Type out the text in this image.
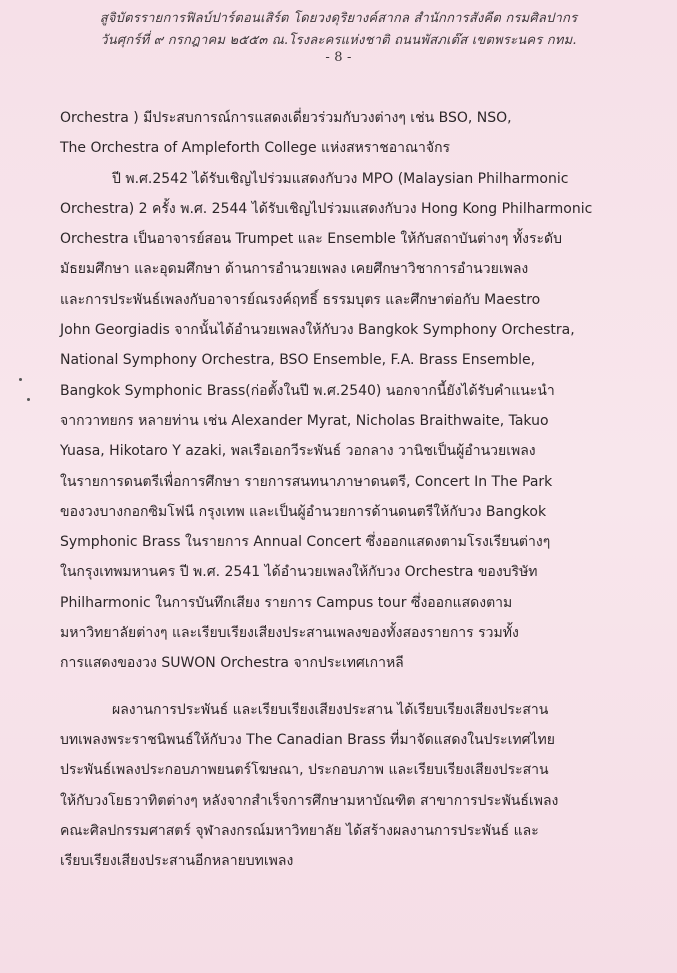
สูจิบัตรรายการฟิลบ์ปาร์ตอนเสิร์ต โดยวงดุริยางค์สากล สำนักการสังคีต กรมศิลปากร
วันศุกร์ที่ ๙ กรกฎาคม ๒๕๕๓ ณ.โรงละครแห่งชาติ ถนนพัสภเต๊ส เขตพระนคร กทม.
- 8 -
Orchestra ) มีประสบการณ์การแสดงเดี่ยวร่วมกับวงต่างๆ เช่น BSO, NSO,
The Orchestra of Ampleforth College แห่งสหราชอาณาจักร
ปี พ.ศ.2542 ได้รับเชิญไปร่วมแสดงกับวง MPO (Malaysian Philharmonic
Orchestra) 2 ครั้ง พ.ศ. 2544 ได้รับเชิญไปร่วมแสดงกับวง Hong Kong Philharmonic
Orchestra เป็นอาจารย์สอน Trumpet และ Ensemble ให้กับสถาบันต่างๆ ทั้งระดับ
มัธยมศึกษา และอุดมศึกษา ด้านการอำนวยเพลง เคยศึกษาวิชาการอำนวยเพลง
และการประพันธ์เพลงกับอาจารย์ณรงค์ฤทธิ์ ธรรมบุตร และศึกษาต่อกับ Maestro
John Georgiadis จากนั้นได้อำนวยเพลงให้กับวง Bangkok Symphony Orchestra,
National Symphony Orchestra, BSO Ensemble, F.A. Brass Ensemble,
Bangkok Symphonic Brass(ก่อตั้งในปี พ.ศ.2540) นอกจากนี้ยังได้รับคำแนะนำ
จากวาทยกร หลายท่าน เช่น Alexander Myrat, Nicholas Braithwaite, Takuo
Yuasa, Hikotaro Y azaki, พลเรือเอกวีระพันธ์ วอกลาง วานิชเป็นผู้อำนวยเพลง
ในรายการดนตรีเพื่อการศึกษา รายการสนทนาภาษาดนตรี, Concert In The Park
ของวงบางกอกซิมโฟนี กรุงเทพ และเป็นผู้อำนวยการด้านดนตรีให้กับวง Bangkok
Symphonic Brass ในรายการ Annual Concert ซึ่งออกแสดงตามโรงเรียนต่างๆ
ในกรุงเทพมหานคร ปี พ.ศ. 2541 ได้อำนวยเพลงให้กับวง Orchestra ของบริษัท
Philharmonic ในการบันทึกเสียง รายการ Campus tour ซึ่งออกแสดงตาม
มหาวิทยาลัยต่างๆ และเรียบเรียงเสียงประสานเพลงของทั้งสองรายการ รวมทั้ง
การแสดงของวง SUWON Orchestra จากประเทศเกาหลี
ผลงานการประพันธ์ และเรียบเรียงเสียงประสาน ได้เรียบเรียงเสียงประสาน
บทเพลงพระราชนิพนธ์ให้กับวง The Canadian Brass ที่มาจัดแสดงในประเทศไทย
ประพันธ์เพลงประกอบภาพยนตร์โฆษณา, ประกอบภาพ และเรียบเรียงเสียงประสาน
ให้กับวงโยธวาทิตต่างๆ หลังจากสำเร็จการศึกษามหาบัณฑิต สาขาการประพันธ์เพลง
คณะศิลปกรรมศาสตร์ จุฬาลงกรณ์มหาวิทยาลัย ได้สร้างผลงานการประพันธ์ และ
เรียบเรียงเสียงประสานอีกหลายบทเพลง
